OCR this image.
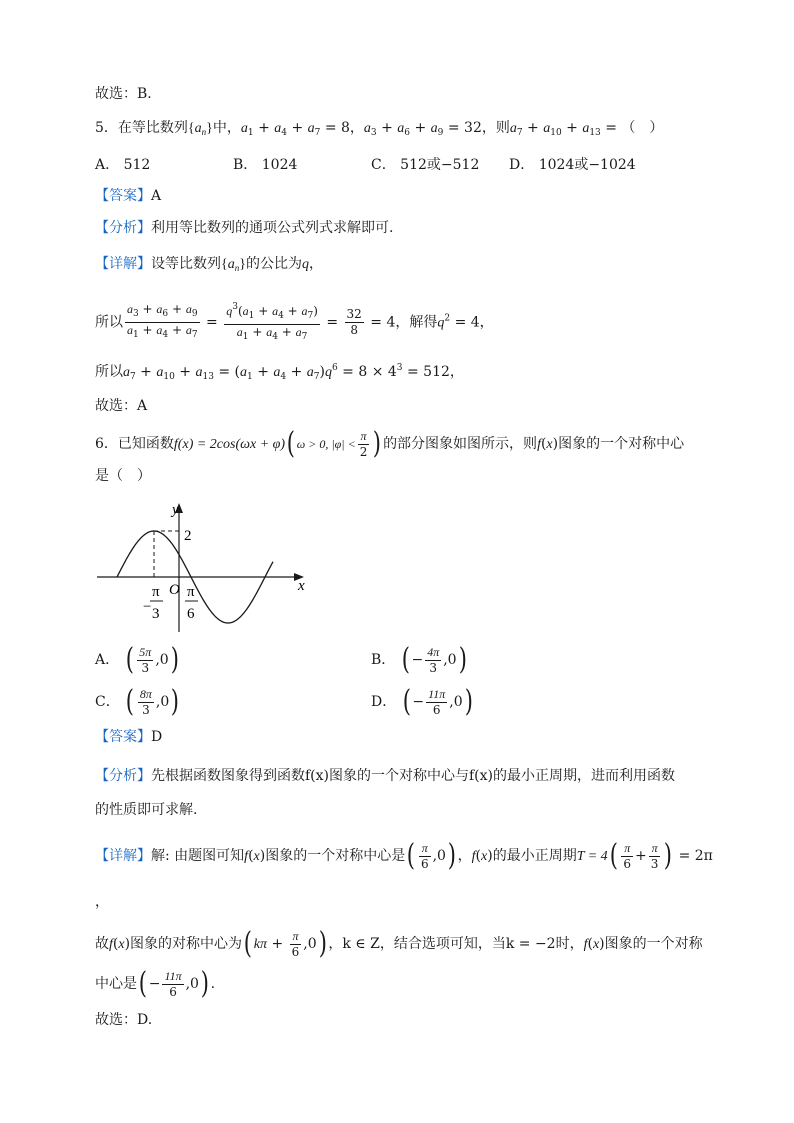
故选：B.
5．在等比数列$\{a_n\}$中，$a_1 + a_4 + a_7 = 8$，$a_3 + a_6 + a_9 = 32$，则$a_7 + a_{10} + a_{13}$ = （　）
A． 512	B． 1024	C． 512或−512 D． 1024或−1024
【答案】A
【分析】利用等比数列的通项公式列式求解即可.
【详解】设等比数列$\{a_n\}$的公比为q，
所以 $\frac{a_3 + a_6 + a_9}{a_1 + a_4 + a_7} = \frac{q^3(a_1 + a_4 + a_7)}{a_1 + a_4 + a_7} = \frac{32}{8} = 4$，解得$q^2 = 4$，
所以$a_7 + a_{10} + a_{13} = (a_1 + a_4 + a_7)q^6 = 8 \times 4^3 = 512$，
故选：A
6．已知函数f(x) = 2cos(ωx + φ)( ω > 0, $|\varphi| < \frac{\pi}{2}$ ) 的部分图象如图所示，则f(x)图象的一个对称中心
是（　）
y
x
O
2
−
π
3
π
6
A． ( $\frac{5\pi}{3} ,0$)	B． ( − $\frac{4\pi}{3} ,0$)
C． ( $\frac{8\pi}{3} ,0$)	D． ( − $\frac{11\pi}{6} ,0$)
【答案】D
【分析】先根据函数图象得到函数f(x)图象的一个对称中心与f(x)的最小正周期，进而利用函数
的性质即可求解.
【详解】解: 由题图可知f(x)图象的一个对称中心是( $\frac{\pi}{6} ,0$) ，f(x)的最小正周期$T = 4( \frac{\pi}{6} + \frac{\pi}{3}$ ) = 2π
，
故f(x)图象的对称中心为( $k\pi + \frac{\pi}{6} ,0$) ，k ∈ Z，结合选项可知，当k = −2时，f(x)图象的一个对称
中心是( − $\frac{11\pi}{6} ,0$) .
故选：D.
